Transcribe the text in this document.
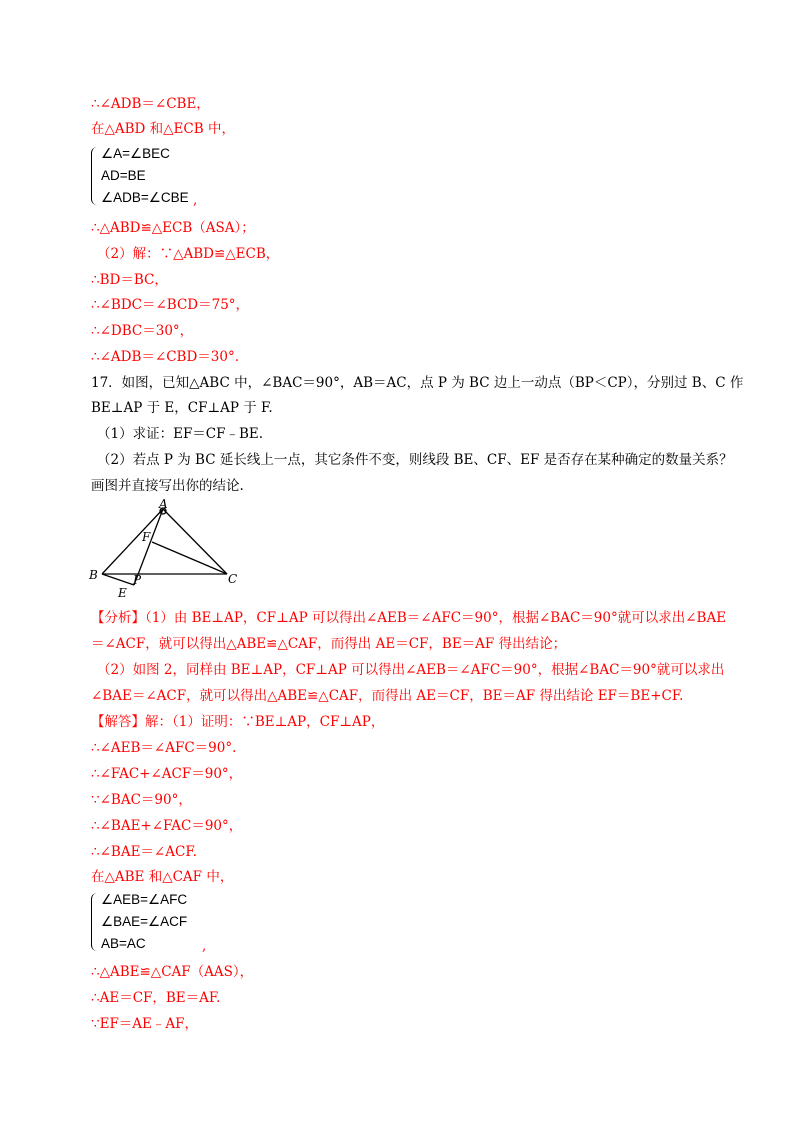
∴∠ADB＝∠CBE，
在△ABD 和△ECB 中，
∠A=∠BEC
AD=BE
∠ADB=∠CBE ,
∴△ABD≌△ECB（ASA）；
（2）解：∵△ABD≌△ECB，
∴BD＝BC，
∴∠BDC＝∠BCD＝75°，
∴∠DBC＝30°，
∴∠ADB＝∠CBD＝30°.
17．如图，已知△ABC 中，∠BAC＝90°，AB＝AC，点 P 为 BC 边上一动点（BP＜CP），分别过 B、C 作
BE⊥AP 于 E，CF⊥AP 于 F.
（1）求证：EF＝CF﹣BE.
（2）若点 P 为 BC 延长线上一点，其它条件不变，则线段 BE、CF、EF 是否存在某种确定的数量关系？
画图并直接写出你的结论.
A
B	C
F
P
E
【分析】（1）由 BE⊥AP，CF⊥AP 可以得出∠AEB＝∠AFC＝90°，根据∠BAC＝90°就可以求出∠BAE
＝∠ACF，就可以得出△ABE≌△CAF，而得出 AE＝CF，BE＝AF 得出结论；
（2）如图 2，同样由 BE⊥AP，CF⊥AP 可以得出∠AEB＝∠AFC＝90°，根据∠BAC＝90°就可以求出
∠BAE＝∠ACF，就可以得出△ABE≌△CAF，而得出 AE＝CF，BE＝AF 得出结论 EF＝BE+CF.
【解答】解：（1）证明：∵BE⊥AP，CF⊥AP，
∴∠AEB＝∠AFC＝90°.
∴∠FAC+∠ACF＝90°，
∵∠BAC＝90°，
∴∠BAE+∠FAC＝90°，
∴∠BAE＝∠ACF.
在△ABE 和△CAF 中，
∠AEB=∠AFC
∠BAE=∠ACF
AB=AC	,
∴△ABE≌△CAF（AAS），
∴AE＝CF，BE＝AF.
∵EF＝AE﹣AF，
